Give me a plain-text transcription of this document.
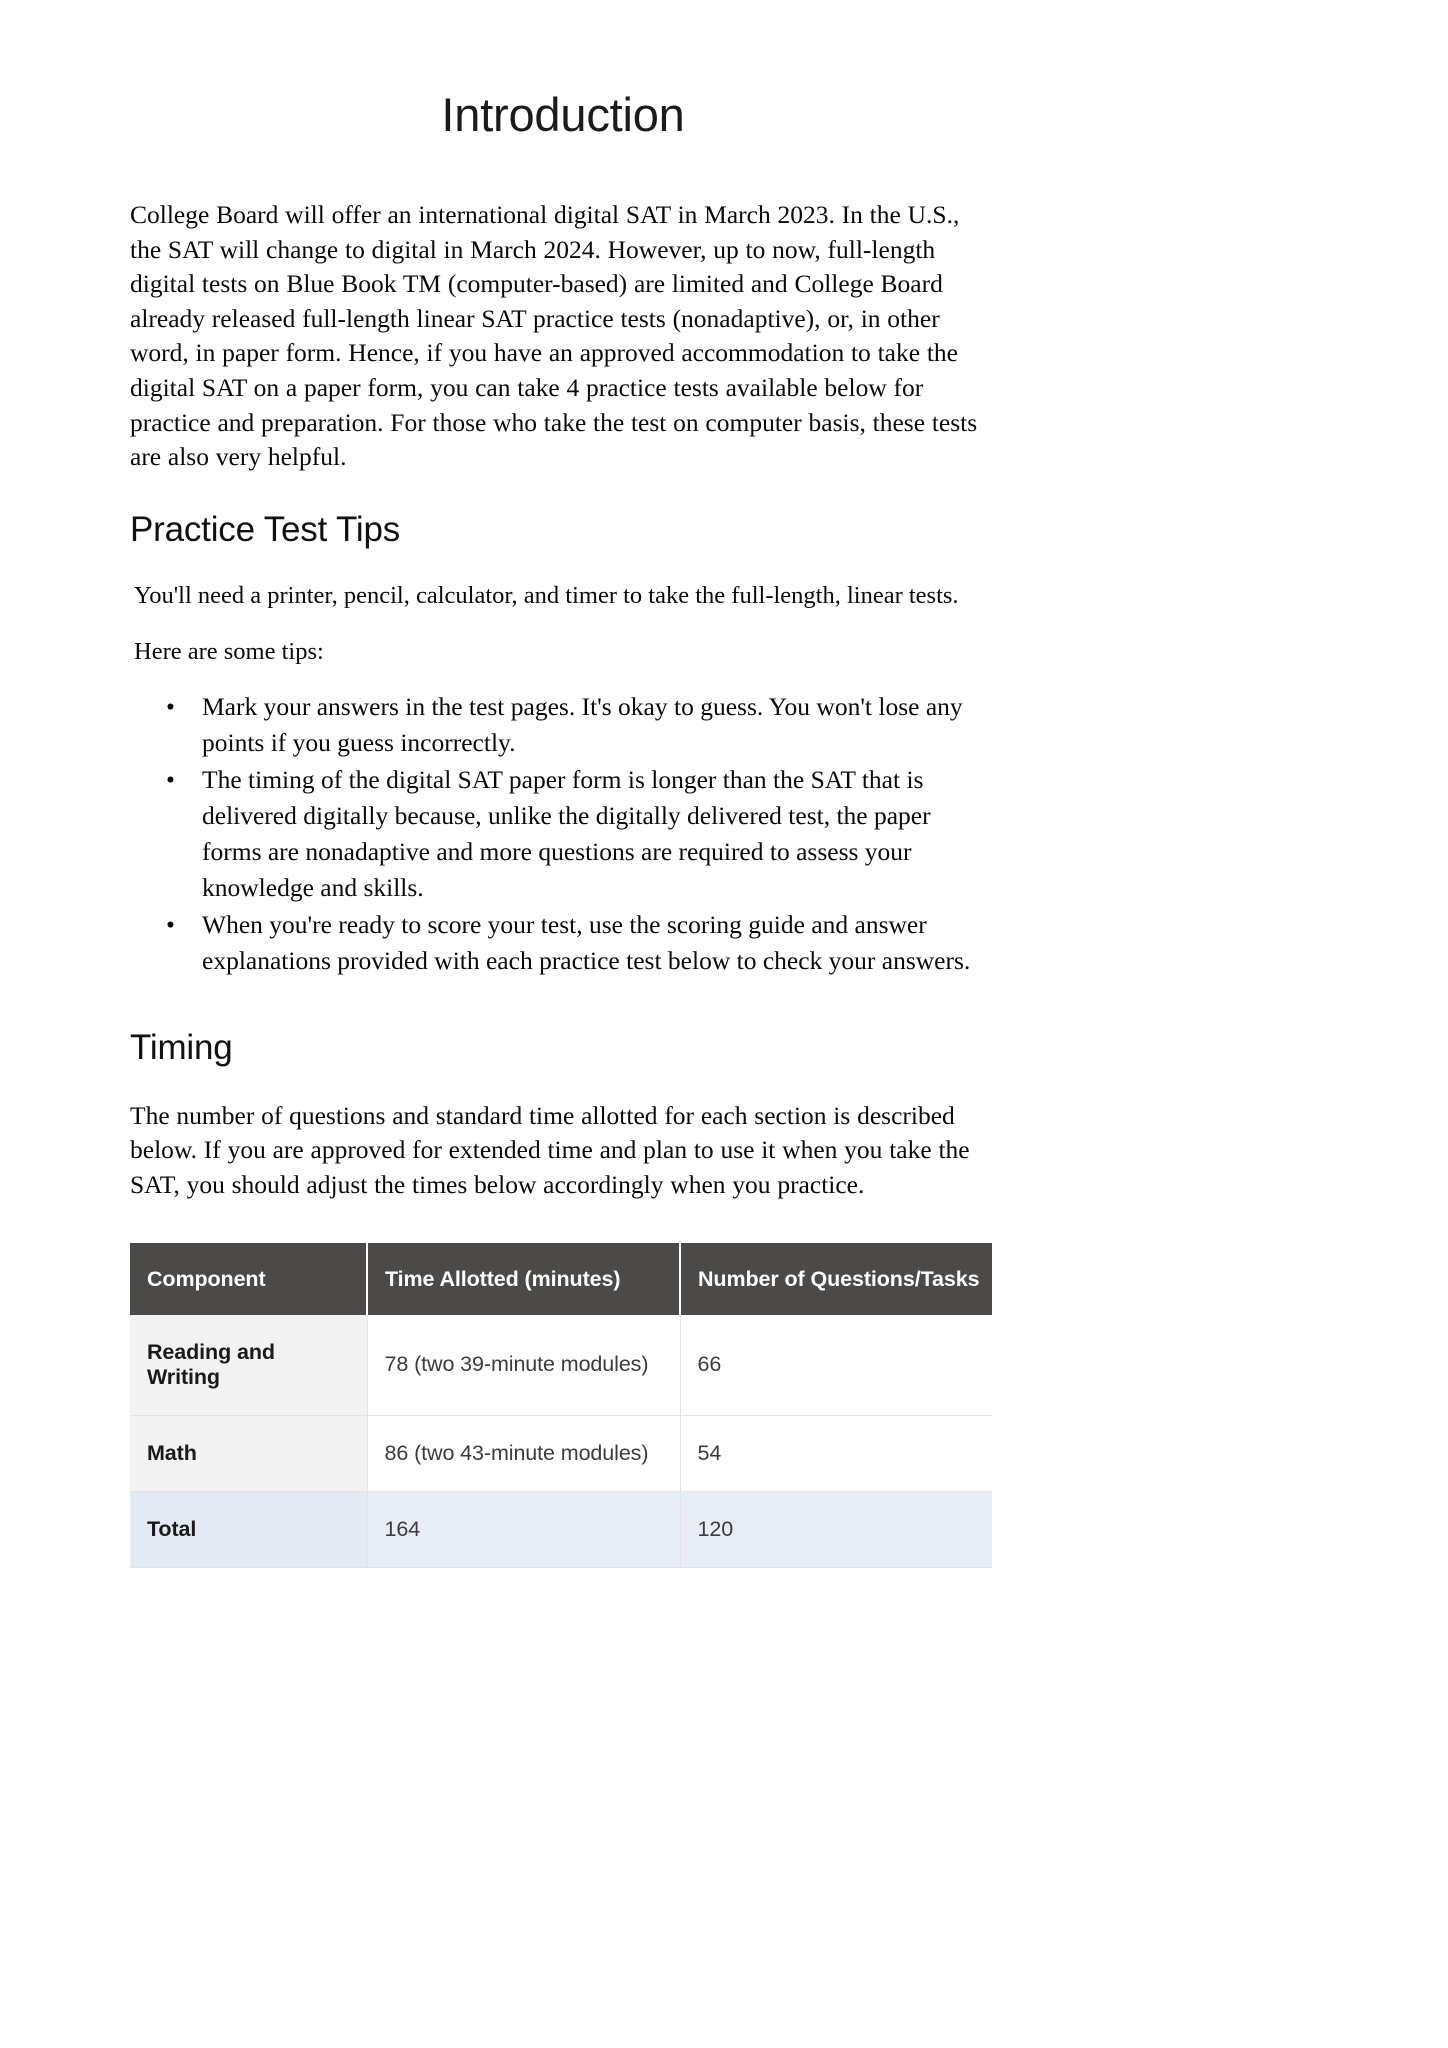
Introduction

College Board will offer an international digital SAT in March 2023. In the U.S., the SAT will change to digital in March 2024. However, up to now, full-length digital tests on Blue Book TM (computer-based) are limited and College Board already released full-length linear SAT practice tests (nonadaptive), or, in other word, in paper form. Hence, if you have an approved accommodation to take the digital SAT on a paper form, you can take 4 practice tests available below for practice and preparation. For those who take the test on computer basis, these tests are also very helpful.

Practice Test Tips

You'll need a printer, pencil, calculator, and timer to take the full-length, linear tests.

Here are some tips:

• Mark your answers in the test pages. It's okay to guess. You won't lose any points if you guess incorrectly.
• The timing of the digital SAT paper form is longer than the SAT that is delivered digitally because, unlike the digitally delivered test, the paper forms are nonadaptive and more questions are required to assess your knowledge and skills.
• When you're ready to score your test, use the scoring guide and answer explanations provided with each practice test below to check your answers.
Timing

The number of questions and standard time allotted for each section is described below. If you are approved for extended time and plan to use it when you take the SAT, you should adjust the times below accordingly when you practice.

Component	Time Allotted (minutes)	Number of Questions/Tasks
Reading and Writing	78 (two 39-minute modules)	66
Math	86 (two 43-minute modules)	54
Total	164	120
